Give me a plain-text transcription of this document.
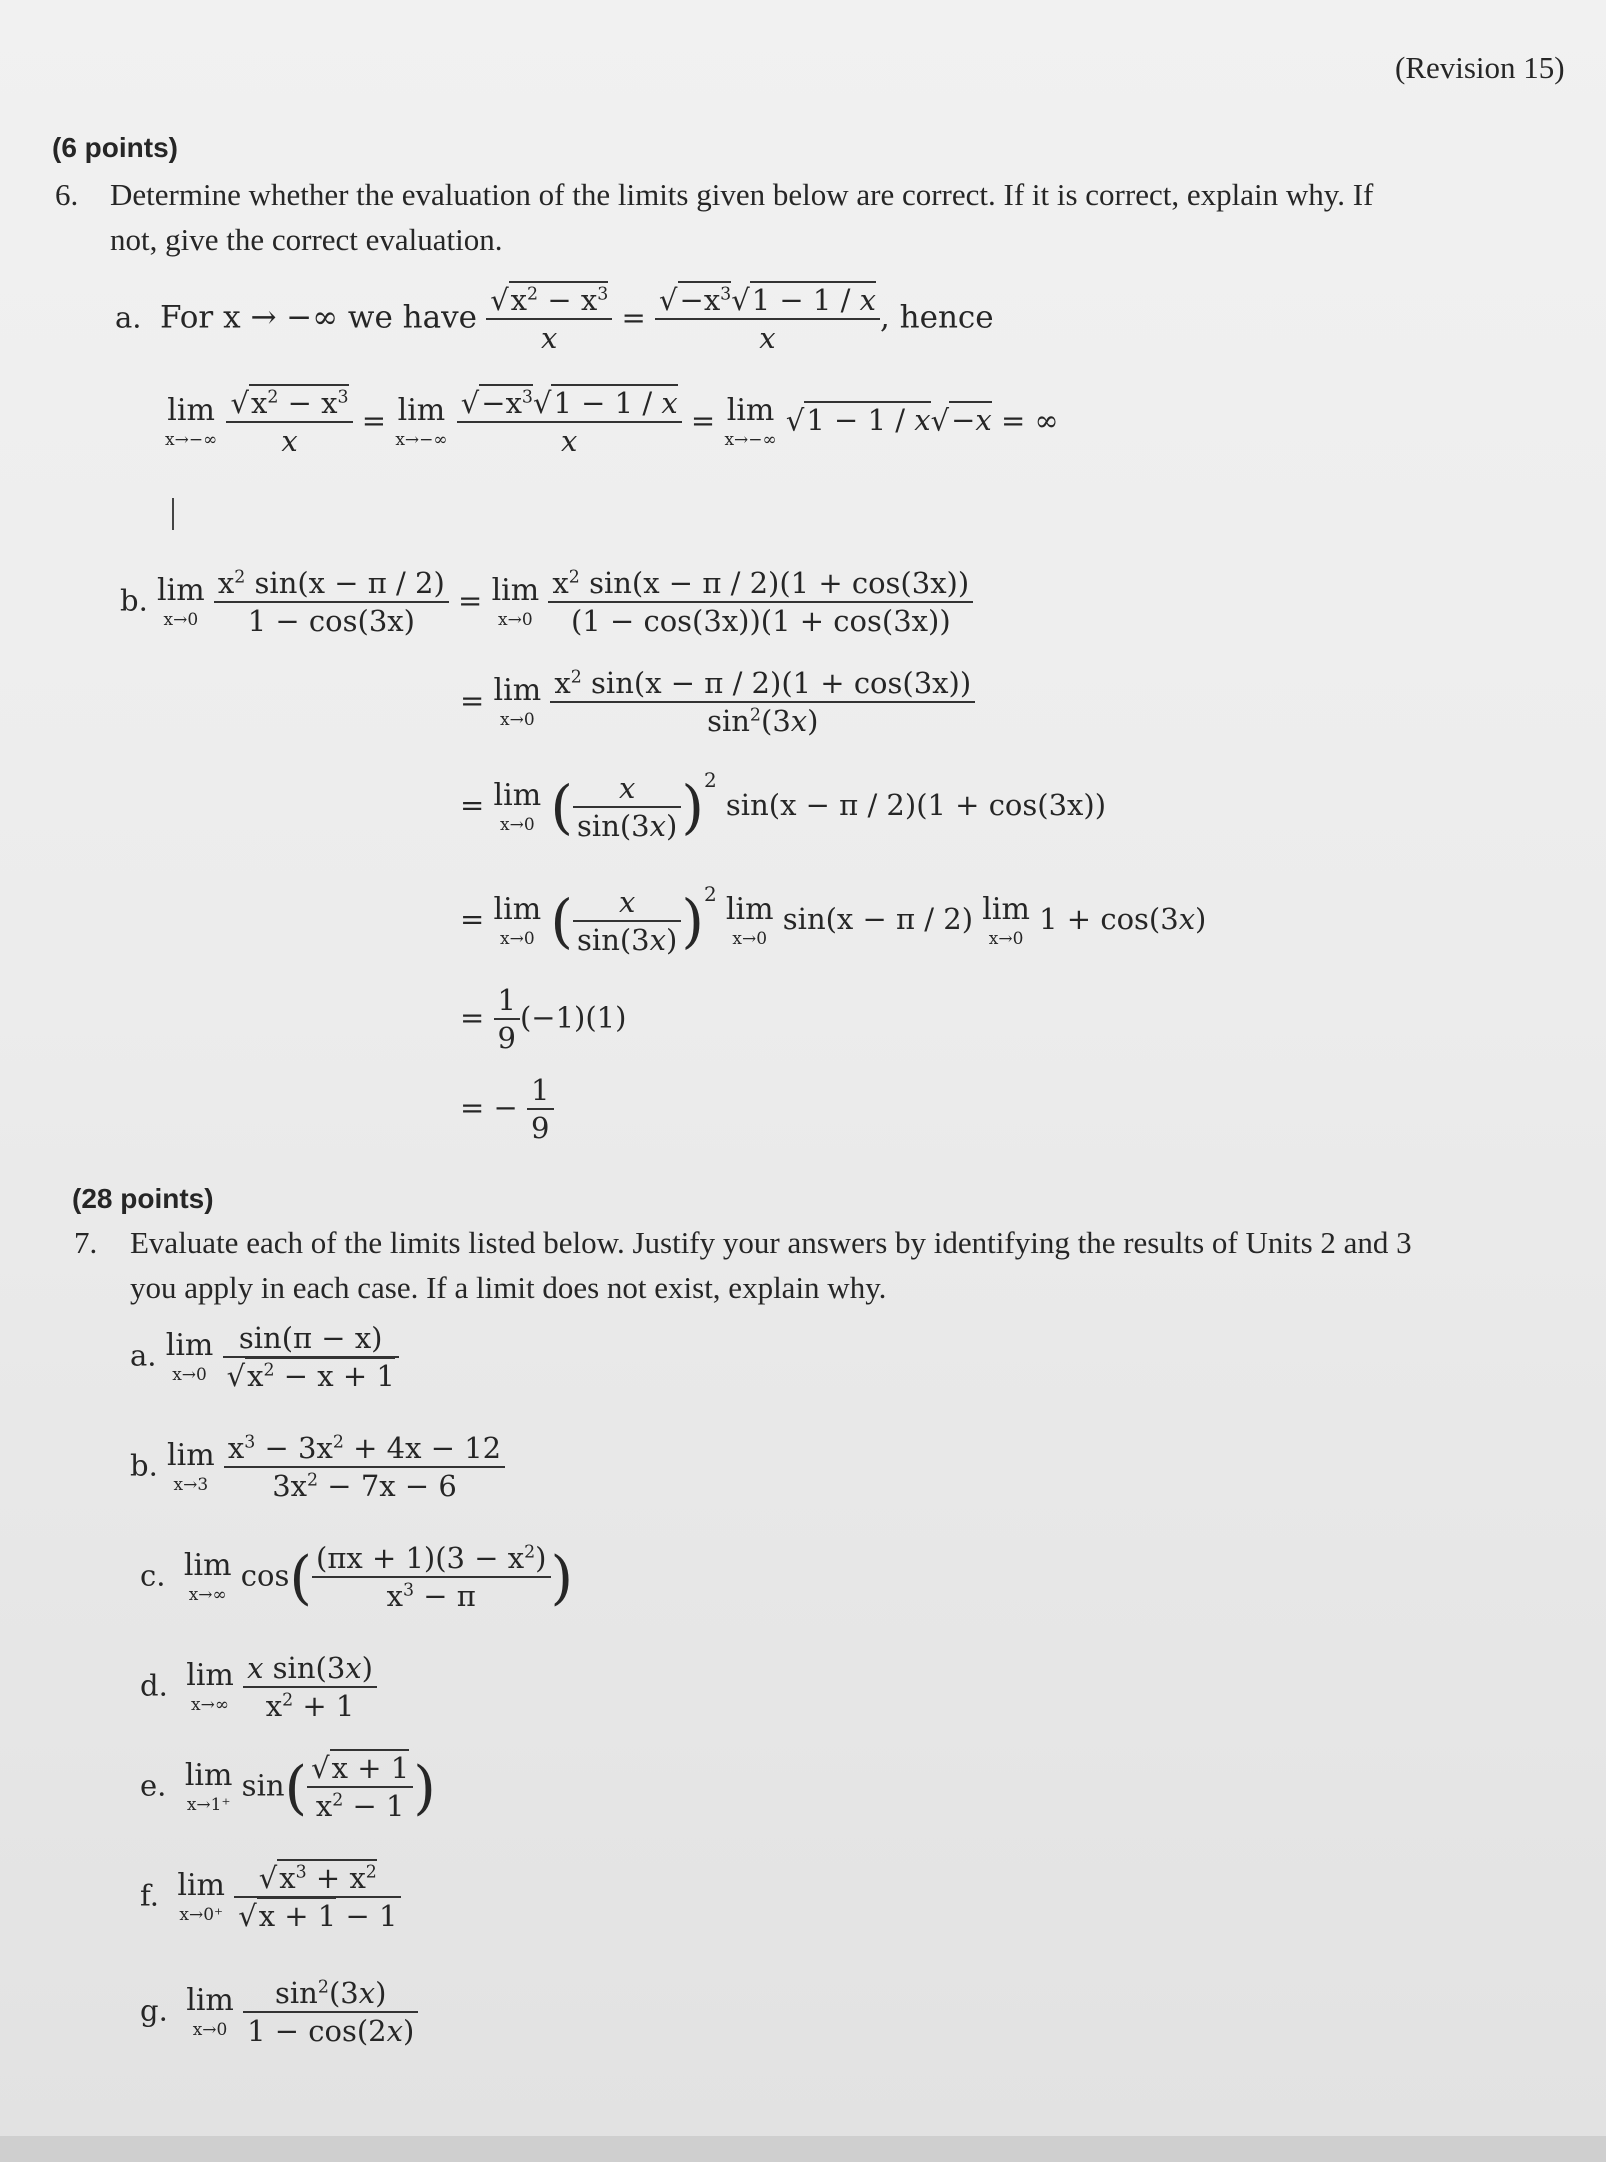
(Revision 15)
(6 points)
6. Determine whether the evaluation of the limits given below are correct. If it is correct, explain why. If
not, give the correct evaluation.
a. For x → −∞ we have $\frac{√x^2 - x^3}{x} = \frac{√-x^3√1 - 1 / x}{x}$ , hence
lim
x→−∞
$\frac{√x^2 - x^3}{x} = \lim$
x→−∞
$\frac{√-x^3√1 - 1 / x}{x} = \lim$
x→−∞
√1 − 1 / x√−x = ∞
b. lim
x→0
$\frac{x^2 \sin(x - \pi / 2)}{1 - \cos(3x)} = \lim$
x→0
$\frac{x^2 \sin(x - \pi / 2)(1 + \cos(3x))}{(1 - \cos(3x))(1 + \cos(3x))}$
= lim
x→0
$\frac{x^2 \sin(x - \pi / 2)(1 + \cos(3x))}{\sin^2(3x)}$
= lim
x→0 ( $\frac{x}{\sin(3x)} )^2$ sin(x − π / 2)(1 + cos(3x))
= lim
x→0 ( $\frac{x}{\sin(3x)} )^2$ lim
x→0
sin(x − π / 2) lim
x→0
1 + cos(3x)
= $\frac{1}{9} (-1)(1)$
= − $\frac{1}{9}$
(28 points)
7. Evaluate each of the limits listed below. Justify your answers by identifying the results of Units 2 and 3
you apply in each case. If a limit does not exist, explain why.
a. lim
x→0
$\frac{\sin(\pi - x)}{√x^2 - x + 1}$
b. lim
x→3
$\frac{x^3 - 3x^2 + 4x - 12}{3x^2 - 7x - 6}$
c. lim
x→∞
$\cos( \frac{(\pi x + 1)(3 - x^2)}{x^3 - \pi}$ )
d. lim
x→∞
$\frac{\text{x sin(3x)}}{x^2 + 1}$
e. lim
x→1⁺
$\sin( \frac{√x + 1}{x^2 - 1}$ )
f. lim
x→0⁺
$\frac{√x^3 + x^2}{√x + 1 - 1}$
g. lim
x→0
$\frac{\sin^2(3x)}{1 - \cos(2x)}$
